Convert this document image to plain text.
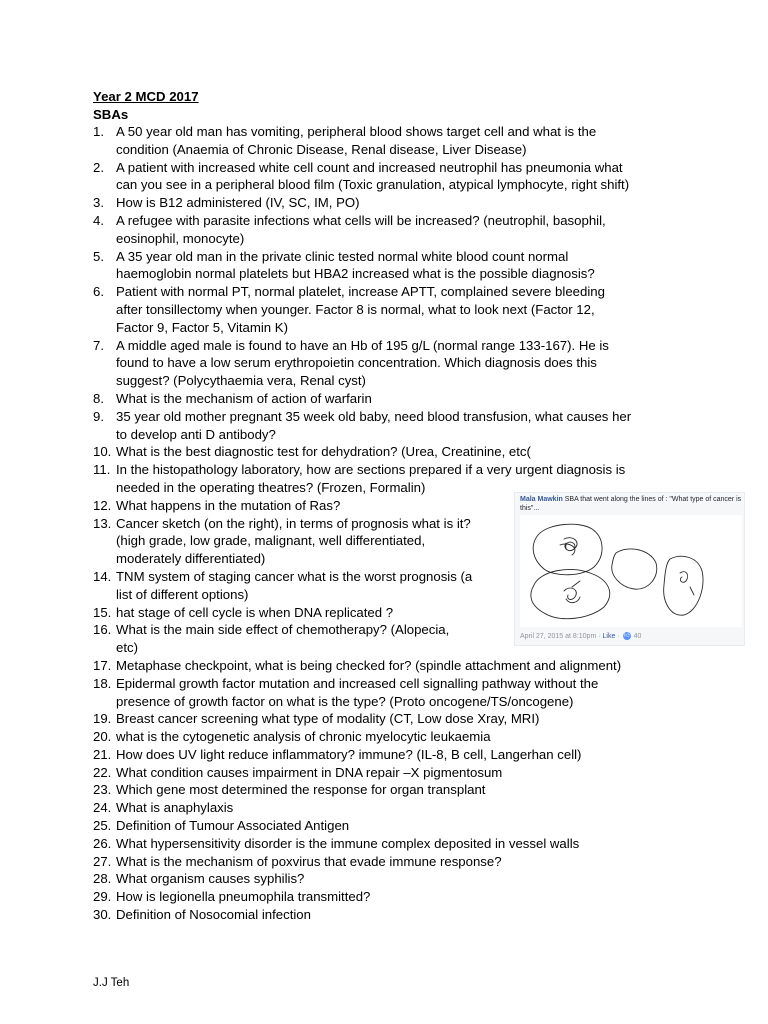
Year 2 MCD 2017
SBAs
1. A 50 year old man has vomiting, peripheral blood shows target cell and what is the
condition (Anaemia of Chronic Disease, Renal disease, Liver Disease)
2. A patient with increased white cell count and increased neutrophil has pneumonia what
can you see in a peripheral blood film (Toxic granulation, atypical lymphocyte, right shift)
3. How is B12 administered (IV, SC, IM, PO)
4. A refugee with parasite infections what cells will be increased? (neutrophil, basophil,
eosinophil, monocyte)
5. A 35 year old man in the private clinic tested normal white blood count normal
haemoglobin normal platelets but HBA2 increased what is the possible diagnosis?
6. Patient with normal PT, normal platelet, increase APTT, complained severe bleeding
after tonsillectomy when younger. Factor 8 is normal, what to look next (Factor 12,
Factor 9, Factor 5, Vitamin K)
7. A middle aged male is found to have an Hb of 195 g/L (normal range 133-167). He is
found to have a low serum erythropoietin concentration. Which diagnosis does this
suggest? (Polycythaemia vera, Renal cyst)
8. What is the mechanism of action of warfarin
9. 35 year old mother pregnant 35 week old baby, need blood transfusion, what causes her
to develop anti D antibody?
10. What is the best diagnostic test for dehydration? (Urea, Creatinine, etc(
11. In the histopathology laboratory, how are sections prepared if a very urgent diagnosis is
needed in the operating theatres? (Frozen, Formalin)
12. What happens in the mutation of Ras?
13. Cancer sketch (on the right), in terms of prognosis what is it?
(high grade, low grade, malignant, well differentiated,
moderately differentiated)
14. TNM system of staging cancer what is the worst prognosis (a
list of different options)
15. hat stage of cell cycle is when DNA replicated ?
16. What is the main side effect of chemotherapy? (Alopecia,
etc)
17. Metaphase checkpoint, what is being checked for? (spindle attachment and alignment)
18. Epidermal growth factor mutation and increased cell signalling pathway without the
presence of growth factor on what is the type? (Proto oncogene/TS/oncogene)
19. Breast cancer screening what type of modality (CT, Low dose Xray, MRI)
20. what is the cytogenetic analysis of chronic myelocytic leukaemia
21. How does UV light reduce inflammatory? immune? (IL-8, B cell, Langerhan cell)
22. What condition causes impairment in DNA repair –X pigmentosum
23. Which gene most determined the response for organ transplant
24. What is anaphylaxis
25. Definition of Tumour Associated Antigen
26. What hypersensitivity disorder is the immune complex deposited in vessel walls
27. What is the mechanism of poxvirus that evade immune response?
28. What organism causes syphilis?
29. How is legionella pneumophila transmitted?
30. Definition of Nosocomial infection
Mala Mawkin SBA that went along the lines of : "What type of cancer is this"...
April 27, 2015 at 8:10pm · Like · 👍︎ 40
J.J Teh
